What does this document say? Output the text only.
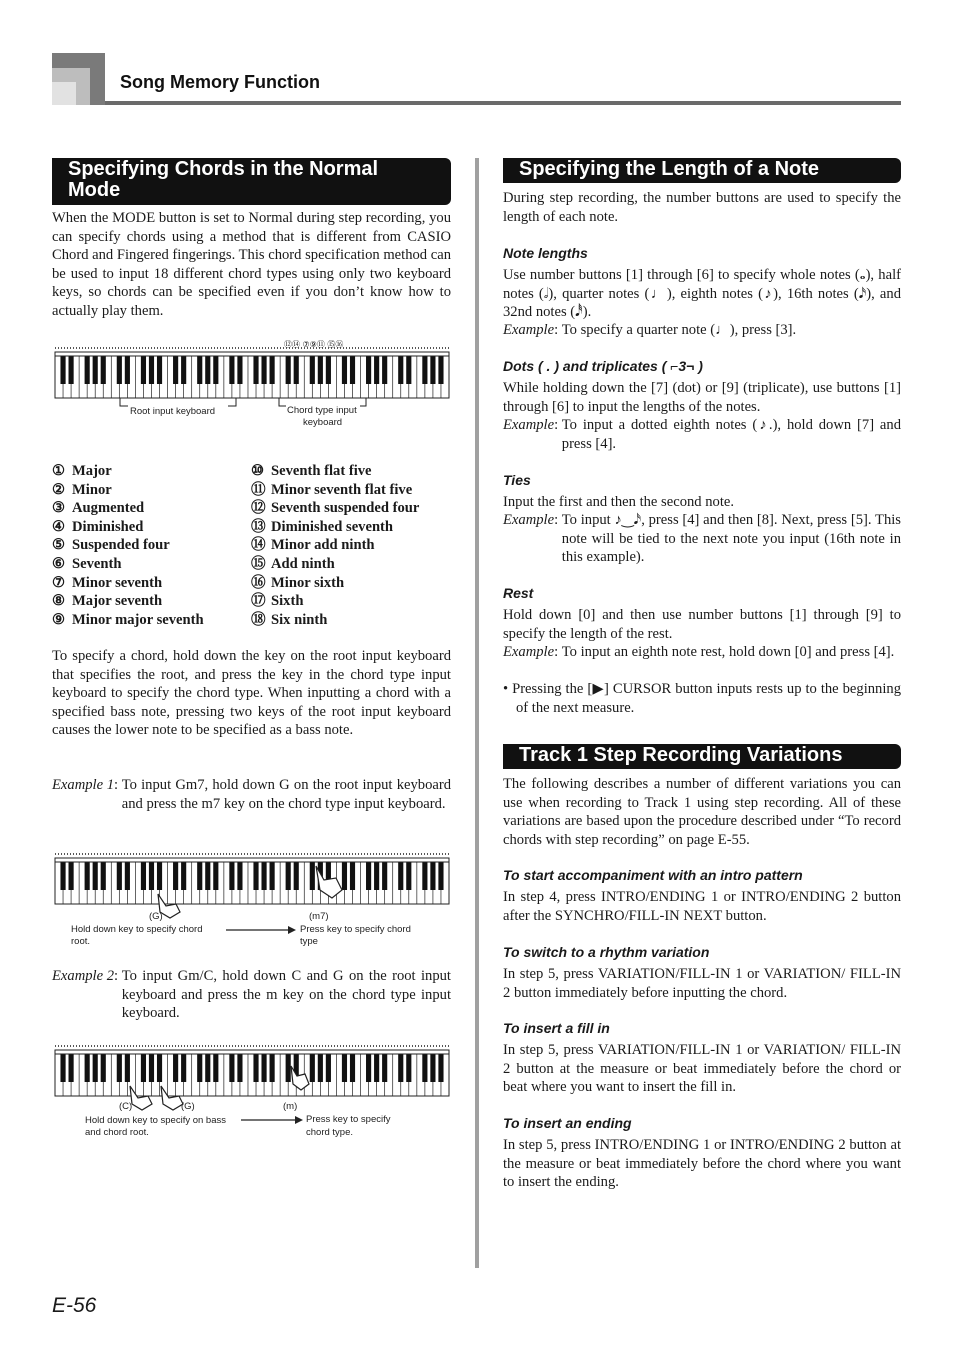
Song Memory Function
Specifying Chords in the Normal Mode
When the MODE button is set to Normal during step recording, you can specify chords using a method that is different from CASIO Chord and Fingered fingerings. This chord specification method can be used to input 18 different chord types using only two keyboard keys, so chords can be specified even if you don’t know how to actually play them.
⑫⑭ ⑦⑨⑪ ⑮⑯
Root input keyboard	Chord type input
keyboard
① Major
② Minor
③ Augmented
④ Diminished
⑤ Suspended four
⑥ Seventh
⑦ Minor seventh
⑧ Major seventh
⑨ Minor major seventh
⑩ Seventh flat five
⑪ Minor seventh flat five
⑫ Seventh suspended four
⑬ Diminished seventh
⑭ Minor add ninth
⑮ Add ninth
⑯ Minor sixth
⑰ Sixth
⑱ Six ninth
To specify a chord, hold down the key on the root input keyboard that specifies the root, and press the key in the chord type input keyboard to specify the chord type. When inputting a chord with a specified bass note, pressing two keys of the root input keyboard causes the lower note to be specified as a bass note.
Example 1: To input Gm7, hold down G on the root input keyboard and press the m7 key on the chord type input keyboard.
(G)	(m7)
Hold down key to specify chord
root.
Press key to specify chord
type
Example 2: To input Gm/C, hold down C and G on the root input keyboard and press the m key on the chord type input keyboard.
(C)	(G)	(m)
Hold down key to specify on bass
and chord root.
Press key to specify
chord type.
Specifying the Length of a Note
During step recording, the number buttons are used to specify the length of each note.
Note lengths
Use number buttons [1] through [6] to specify whole notes (𝅝), half notes (𝅗𝅥), quarter notes (♩), eighth notes (♪), 16th notes (𝅘𝅥𝅯), and 32nd notes (𝅘𝅥𝅰).
Example: To specify a quarter note (♩), press [3].
Dots ( . ) and triplicates ( ⌐3¬ )
While holding down the [7] (dot) or [9] (triplicate), use buttons [1] through [6] to input the lengths of the notes.
Example: To input a dotted eighth notes (♪.), hold down [7] and press [4].
Ties
Input the first and then the second note.
Example: To input ♪‿𝅘𝅥𝅯, press [4] and then [8]. Next, press [5]. This note will be tied to the next note you input (16th note in this example).
Rest
Hold down [0] and then use number buttons [1] through [9] to specify the length of the rest.
Example: To input an eighth note rest, hold down [0] and press [4].
• Pressing the [▶] CURSOR button inputs rests up to the beginning of the next measure.
Track 1 Step Recording Variations
The following describes a number of different variations you can use when recording to Track 1 using step recording. All of these variations are based upon the procedure described under “To record chords with step recording” on page E-55.
To start accompaniment with an intro pattern
In step 4, press INTRO/ENDING 1 or INTRO/ENDING 2 button after the SYNCHRO/FILL-IN NEXT button.
To switch to a rhythm variation
In step 5, press VARIATION/FILL-IN 1 or VARIATION/ FILL-IN 2 button immediately before inputting the chord.
To insert a fill in
In step 5, press VARIATION/FILL-IN 1 or VARIATION/ FILL-IN 2 button at the measure or beat immediately before the chord or beat where you want to insert the fill in.
To insert an ending
In step 5, press INTRO/ENDING 1 or INTRO/ENDING 2 button at the measure or beat immediately before the chord where you want to insert the ending.
E-56
